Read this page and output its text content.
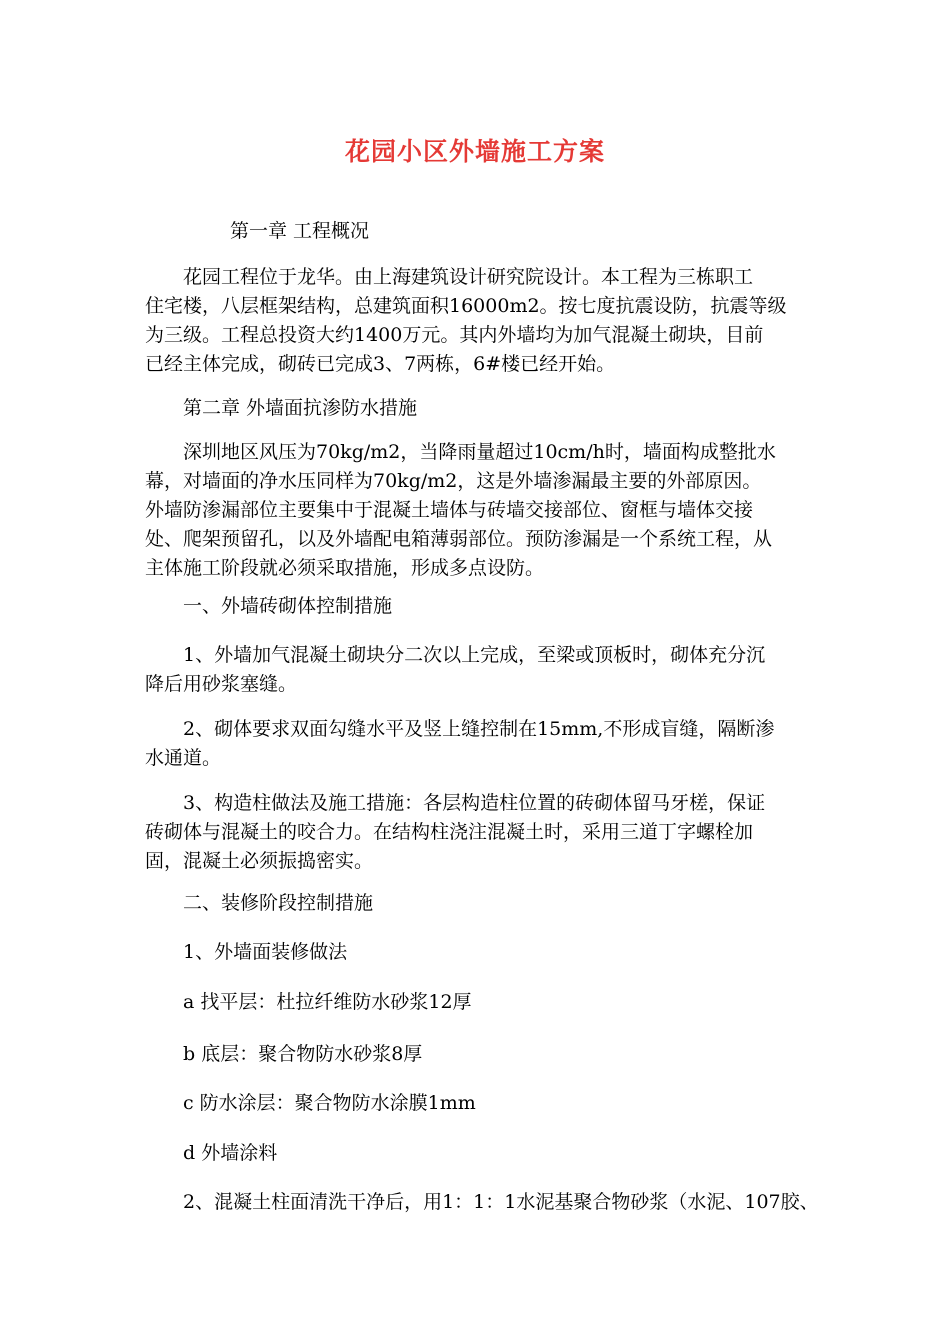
花园小区外墙施工方案
第一章 工程概况
　　花园工程位于龙华。由上海建筑设计研究院设计。本工程为三栋职工
住宅楼，八层框架结构，总建筑面积16000m2。按七度抗震设防，抗震等级
为三级。工程总投资大约1400万元。其内外墙均为加气混凝土砌块，目前
已经主体完成，砌砖已完成3、7两栋，6#楼已经开始。
　　第二章 外墙面抗渗防水措施
　　深圳地区风压为70kg/m2，当降雨量超过10cm/h时，墙面构成整批水
幕，对墙面的净水压同样为70kg/m2，这是外墙渗漏最主要的外部原因。
外墙防渗漏部位主要集中于混凝土墙体与砖墙交接部位、窗框与墙体交接
处、爬架预留孔，以及外墙配电箱薄弱部位。预防渗漏是一个系统工程，从
主体施工阶段就必须采取措施，形成多点设防。
　　一、外墙砖砌体控制措施
　　1、外墙加气混凝土砌块分二次以上完成，至梁或顶板时，砌体充分沉
降后用砂浆塞缝。
　　2、砌体要求双面勾缝水平及竖上缝控制在15mm,不形成盲缝，隔断渗
水通道。
　　3、构造柱做法及施工措施：各层构造柱位置的砖砌体留马牙槎，保证
砖砌体与混凝土的咬合力。在结构柱浇注混凝土时，采用三道丁字螺栓加
固，混凝土必须振捣密实。
　　二、装修阶段控制措施
　　1、外墙面装修做法
　　a 找平层：杜拉纤维防水砂浆12厚
　　b 底层：聚合物防水砂浆8厚
　　c 防水涂层：聚合物防水涂膜1mm
　　d 外墙涂料
　　2、混凝土柱面清洗干净后，用1：1：1水泥基聚合物砂浆（水泥、107胶、
